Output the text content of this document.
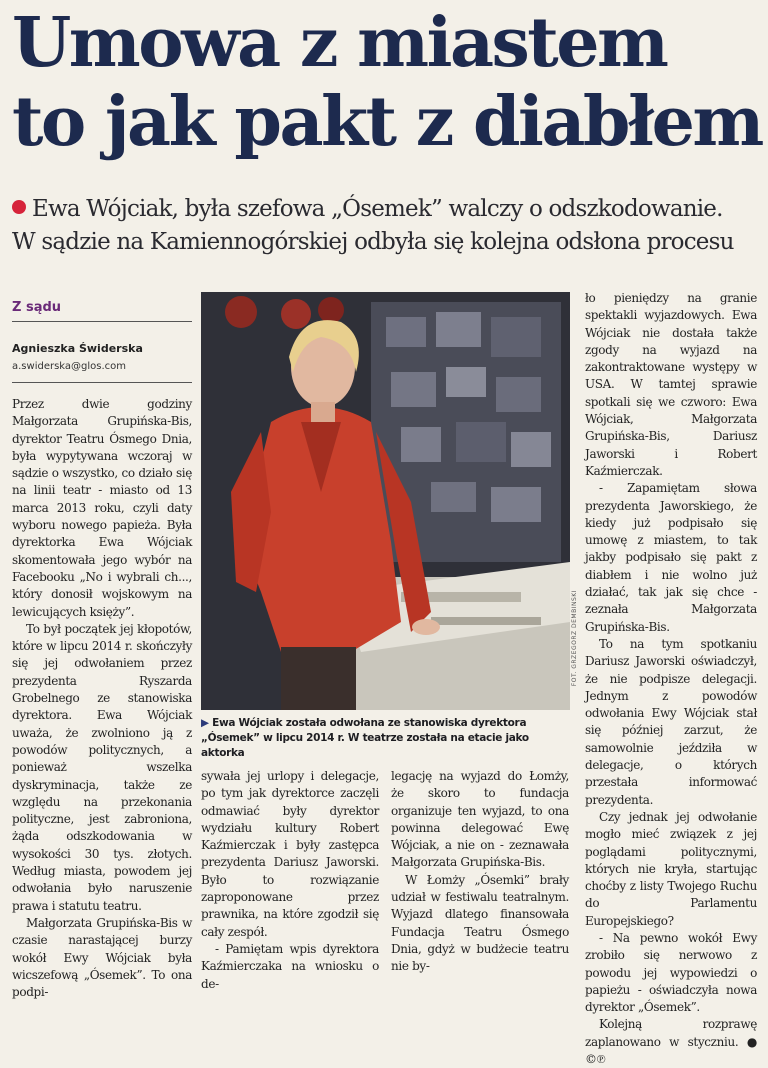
Umowa z miastem
to jak pakt z diabłem
Ewa Wójciak, była szefowa „Ósemek” walczy o odszkodowanie.
W sądzie na Kamiennogórskiej odbyła się kolejna odsłona procesu
Z sądu
Agnieszka Świderska
a.swiderska@glos.com

Przez dwie godziny Małgorzata Grupińska-Bis, dyrektor Teatru Ósmego Dnia, była wypytywana wczoraj w sądzie o wszystko, co działo się na linii teatr - miasto od 13 marca 2013 roku, czyli daty wyboru nowego papieża. Była dyrektorka Ewa Wójciak skomentowała jego wybór na Facebooku „No i wybrali ch..., który donosił wojskowym na lewicujących księży”.

To był początek jej kłopotów, które w lipcu 2014 r. skończyły się jej odwołaniem przez prezydenta Ryszarda Grobelnego ze stanowiska dyrektora. Ewa Wójciak uważa, że zwolniono ją z powodów politycznych, a ponieważ wszelka dyskryminacja, także ze względu na przekonania polityczne, jest zabroniona, żąda odszkodowania w wysokości 30 tys. złotych. Według miasta, powodem jej odwołania było naruszenie prawa i statutu teatru.

Małgorzata Grupińska-Bis w czasie narastającej burzy wokół Ewy Wójciak była wicszefową „Ósemek”. To ona podpi-

FOT. GRZEGORZ DEMBIŃSKI
▶ Ewa Wójciak została odwołana ze stanowiska dyrektora
„Ósemek” w lipcu 2014 r. W teatrze została na etacie jako aktorka

sywała jej urlopy i delegacje, po tym jak dyrektorce zaczęli odmawiać były dyrektor wydziału kultury Robert Kaźmierczak i były zastępca prezydenta Dariusz Jaworski. Było to rozwiązanie zaproponowane przez prawnika, na które zgodził się cały zespół.

- Pamiętam wpis dyrektora Kaźmierczaka na wniosku o de-

legację na wyjazd do Łomży, że skoro to fundacja organizuje ten wyjazd, to ona powinna delegować Ewę Wójciak, a nie on - zeznawała Małgorzata Grupińska-Bis.

W Łomży „Ósemki” brały udział w festiwalu teatralnym. Wyjazd dlatego finansowała Fundacja Teatru Ósmego Dnia, gdyż w budżecie teatru nie by-

ło pieniędzy na granie spektakli wyjazdowych. Ewa Wójciak nie dostała także zgody na wyjazd na zakontraktowane występy w USA. W tamtej sprawie spotkali się we czworo: Ewa Wójciak, Małgorzata Grupińska-Bis, Dariusz Jaworski i Robert Kaźmierczak.

- Zapamiętam słowa prezydenta Jaworskiego, że kiedy już podpisało się umowę z miastem, to tak jakby podpisało się pakt z diabłem i nie wolno już działać, tak jak się chce - zeznała Małgorzata Grupińska-Bis.

To na tym spotkaniu Dariusz Jaworski oświadczył, że nie podpisze delegacji. Jednym z powodów odwołania Ewy Wójciak stał się później zarzut, że samowolnie jeździła w delegacje, o których przestała informować prezydenta.

Czy jednak jej odwołanie mogło mieć związek z jej poglądami politycznymi, których nie kryła, startując choćby z listy Twojego Ruchu do Parlamentu Europejskiego?

- Na pewno wokół Ewy zrobiło się nerwowo z powodu jej wypowiedzi o papieżu - oświadczyła nowa dyrektor „Ósemek”.

Kolejną rozprawę zaplanowano w styczniu. ● ©℗
